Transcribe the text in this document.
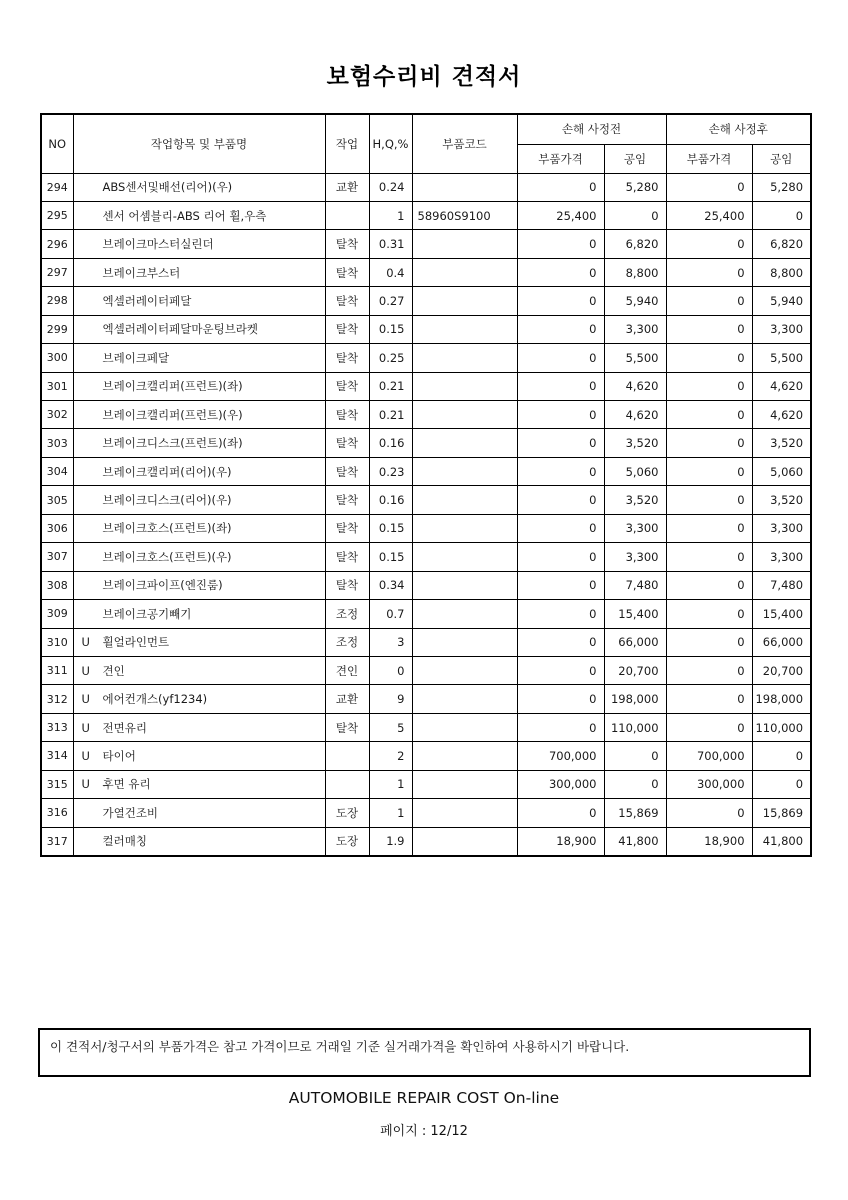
보험수리비 견적서
NO	작업항목 및 부품명	작업	H,Q,%	부품코드	손해 사정전		손해 사정후	
					부품가격	공임	부품가격	공임
294	ABS센서및배선(리어)(우)	교환	0.24		0	5,280	0	5,280
295	센서 어셈블리-ABS 리어 휠,우측		1	58960S9100	25,400	0	25,400	0
296	브레이크마스터실린더	탈착	0.31		0	6,820	0	6,820
297	브레이크부스터	탈착	0.4		0	8,800	0	8,800
298	엑셀러레이터페달	탈착	0.27		0	5,940	0	5,940
299	엑셀러레이터페달마운팅브라켓	탈착	0.15		0	3,300	0	3,300
300	브레이크페달	탈착	0.25		0	5,500	0	5,500
301	브레이크캘리퍼(프런트)(좌)	탈착	0.21		0	4,620	0	4,620
302	브레이크캘리퍼(프런트)(우)	탈착	0.21		0	4,620	0	4,620
303	브레이크디스크(프런트)(좌)	탈착	0.16		0	3,520	0	3,520
304	브레이크캘리퍼(리어)(우)	탈착	0.23		0	5,060	0	5,060
305	브레이크디스크(리어)(우)	탈착	0.16		0	3,520	0	3,520
306	브레이크호스(프런트)(좌)	탈착	0.15		0	3,300	0	3,300
307	브레이크호스(프런트)(우)	탈착	0.15		0	3,300	0	3,300
308	브레이크파이프(엔진룸)	탈착	0.34		0	7,480	0	7,480
309	브레이크공기빼기	조정	0.7		0	15,400	0	15,400
310	U 휠얼라인먼트	조정	3		0	66,000	0	66,000
311	U 견인	견인	0		0	20,700	0	20,700
312	U 에어컨개스(yf1234)	교환	9		0	198,000	0	198,000
313	U 전면유리	탈착	5		0	110,000	0	110,000
314	U 타이어		2		700,000	0	700,000	0
315	U 후면 유리		1		300,000	0	300,000	0
316	가열건조비	도장	1		0	15,869	0	15,869
317	컬러매칭	도장	1.9		18,900	41,800	18,900	41,800
이 견적서/청구서의 부품가격은 참고 가격이므로 거래일 기준 실거래가격을 확인하여 사용하시기 바랍니다.
AUTOMOBILE REPAIR COST On-line
페이지 : 12/12
